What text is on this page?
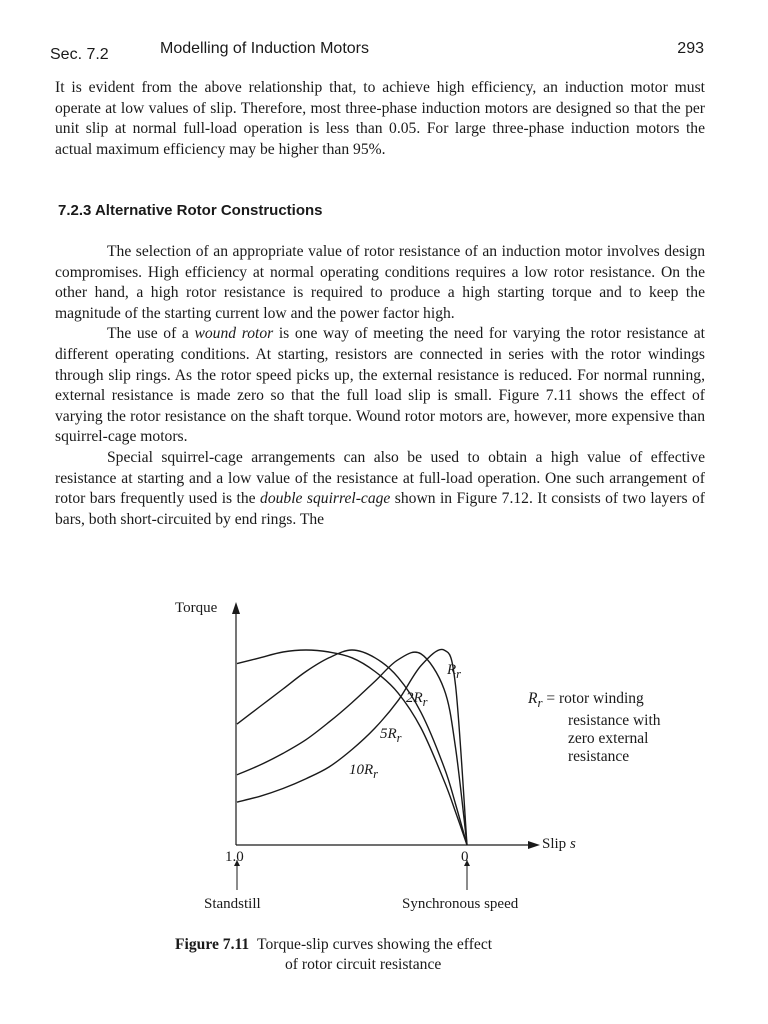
Sec. 7.2	Modelling of Induction Motors	293

It is evident from the above relationship that, to achieve high efficiency, an induction motor must operate at low values of slip. Therefore, most three-phase induction motors are designed so that the per unit slip at normal full-load operation is less than 0.05. For large three-phase induction motors the actual maximum efficiency may be higher than 95%.

7.2.3 Alternative Rotor Constructions

The selection of an appropriate value of rotor resistance of an induction motor involves design compromises. High efficiency at normal operating conditions requires a low rotor resistance. On the other hand, a high rotor resistance is required to produce a high starting torque and to keep the magnitude of the starting current low and the power factor high.

The use of a wound rotor is one way of meeting the need for varying the rotor resistance at different operating conditions. At starting, resistors are connected in series with the rotor windings through slip rings. As the rotor speed picks up, the external resistance is reduced. For normal running, external resistance is made zero so that the full load slip is small. Figure 7.11 shows the effect of varying the rotor resistance on the shaft torque. Wound rotor motors are, however, more expensive than squirrel-cage motors.

Special squirrel-cage arrangements can also be used to obtain a high value of effective resistance at starting and a low value of the resistance at full-load operation. One such arrangement of rotor bars frequently used is the double squirrel-cage shown in Figure 7.12. It consists of two layers of bars, both short-circuited by end rings. The

Torque
Slip s
1.0	0
Standstill	Synchronous speed
$R_r$
$2R_r$
$5R_r$
$10R_r$
$R_r$ = rotor winding
resistance with
zero external
resistance
Figure 7.11 Torque-slip curves showing the effect
of rotor circuit resistance
